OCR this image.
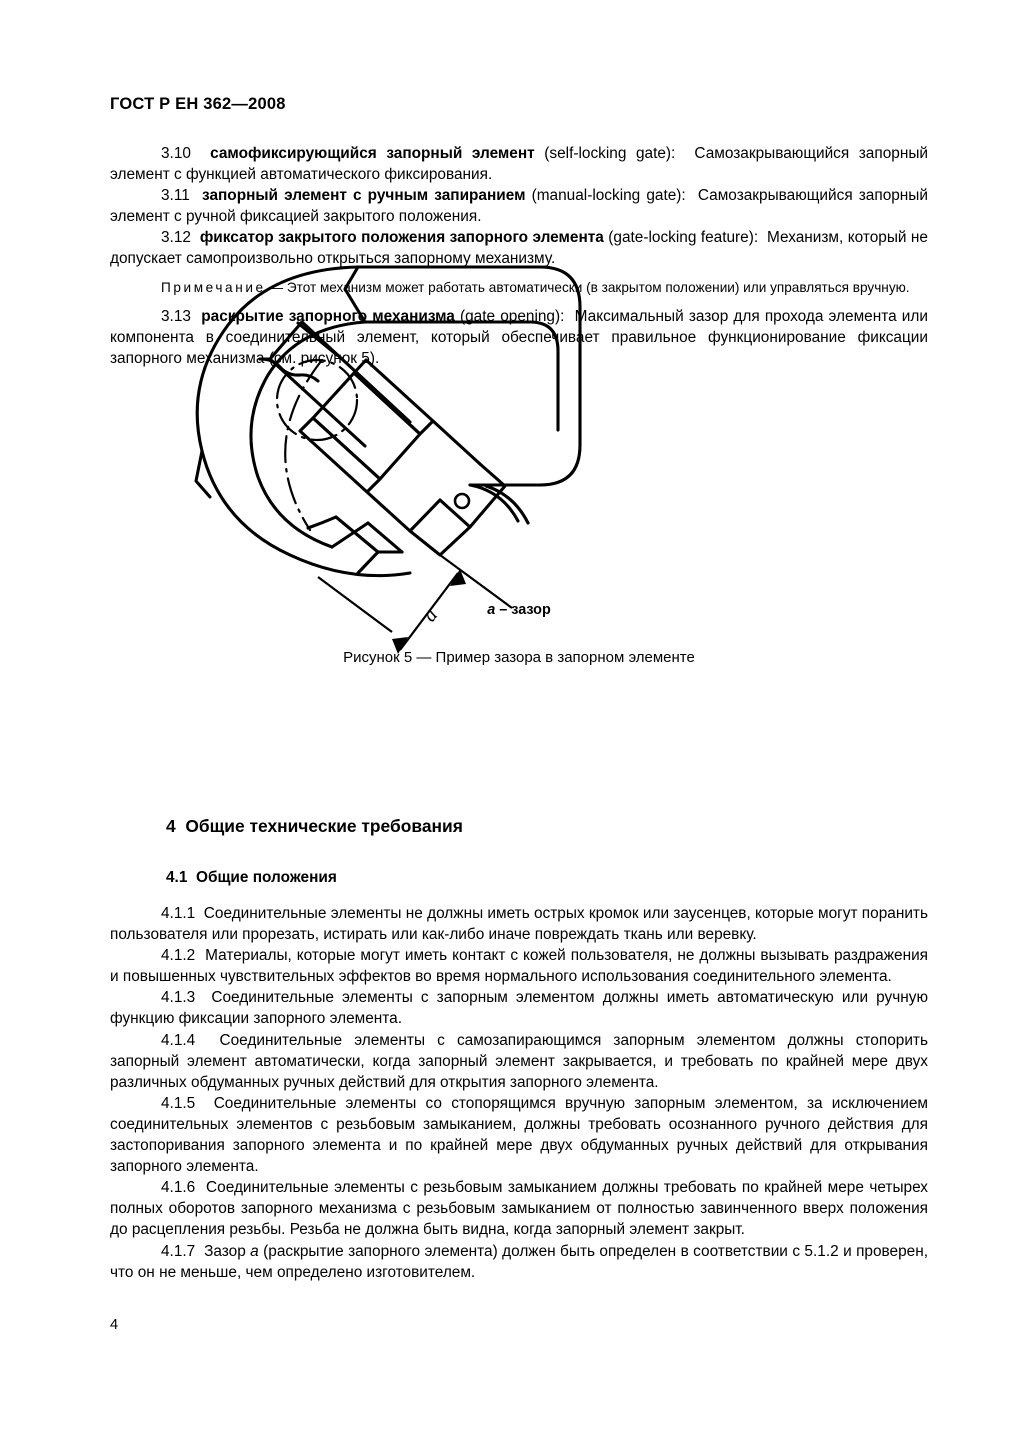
ГОСТ Р ЕН 362—2008

3.10 самофиксирующийся запорный элемент (self-locking gate): Самозакрывающийся запорный элемент с функцией автоматического фиксирования.

3.11 запорный элемент с ручным запиранием (manual-locking gate): Самозакрывающийся запорный элемент с ручной фиксацией закрытого положения.

3.12 фиксатор закрытого положения запорного элемента (gate-locking feature): Механизм, который не допускает самопроизвольно открыться запорному механизму.

Примечание — Этот механизм может работать автоматически (в закрытом положении) или управляться вручную.

3.13 раскрытие запорного механизма (gate opening): Максимальный зазор для прохода элемента или компонента в соединительный элемент, который обеспечивает правильное функционирование фиксации запорного механизма (см. рисунок 5).

a	a – зазор
Рисунок 5 — Пример зазора в запорном элементе
4 Общие технические требования
4.1 Общие положения

4.1.1 Соединительные элементы не должны иметь острых кромок или заусенцев, которые могут поранить пользователя или прорезать, истирать или как-либо иначе повреждать ткань или веревку.

4.1.2 Материалы, которые могут иметь контакт с кожей пользователя, не должны вызывать раздражения и повышенных чувствительных эффектов во время нормального использования соединительного элемента.

4.1.3 Соединительные элементы с запорным элементом должны иметь автоматическую или ручную функцию фиксации запорного элемента.

4.1.4 Соединительные элементы с самозапирающимся запорным элементом должны стопорить запорный элемент автоматически, когда запорный элемент закрывается, и требовать по крайней мере двух различных обдуманных ручных действий для открытия запорного элемента.

4.1.5 Соединительные элементы со стопорящимся вручную запорным элементом, за исключением соединительных элементов с резьбовым замыканием, должны требовать осознанного ручного действия для застопоривания запорного элемента и по крайней мере двух обдуманных ручных действий для открывания запорного элемента.

4.1.6 Соединительные элементы с резьбовым замыканием должны требовать по крайней мере четырех полных оборотов запорного механизма с резьбовым замыканием от полностью завинченного вверх положения до расцепления резьбы. Резьба не должна быть видна, когда запорный элемент закрыт.

4.1.7 Зазор a (раскрытие запорного элемента) должен быть определен в соответствии с 5.1.2 и проверен, что он не меньше, чем определено изготовителем.

4
